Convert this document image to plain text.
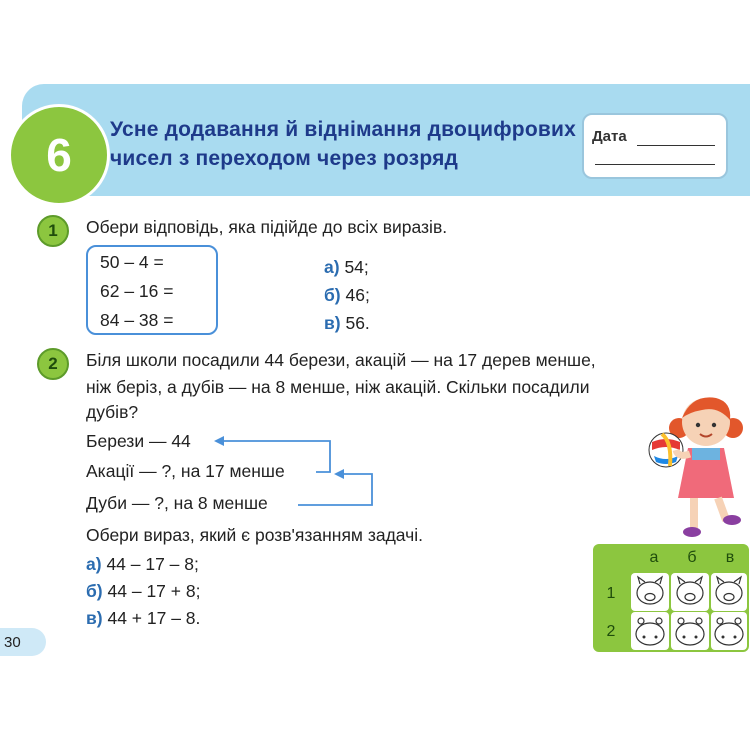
6	Усне додавання й віднімання двоцифрових
чисел з переходом через розряд
Дата
1	Обери відповідь, яка підійде до всіх виразів.
50 – 4 =
62 – 16 =
84 – 38 =
а) 54;
б) 46;
в) 56.
2	Біля школи посадили 44 берези, акацій — на 17 дерев менше,
ніж беріз, а дубів — на 8 менше, ніж акацій. Скільки посадили
дубів?
Берези — 44
Акації — ?, на 17 менше
Дуби — ?, на 8 менше
Обери вираз, який є розв'язанням задачі.
а) 44 – 17 – 8;
б) 44 – 17 + 8;
в) 44 + 17 – 8.
а	б	в
1
2
30
